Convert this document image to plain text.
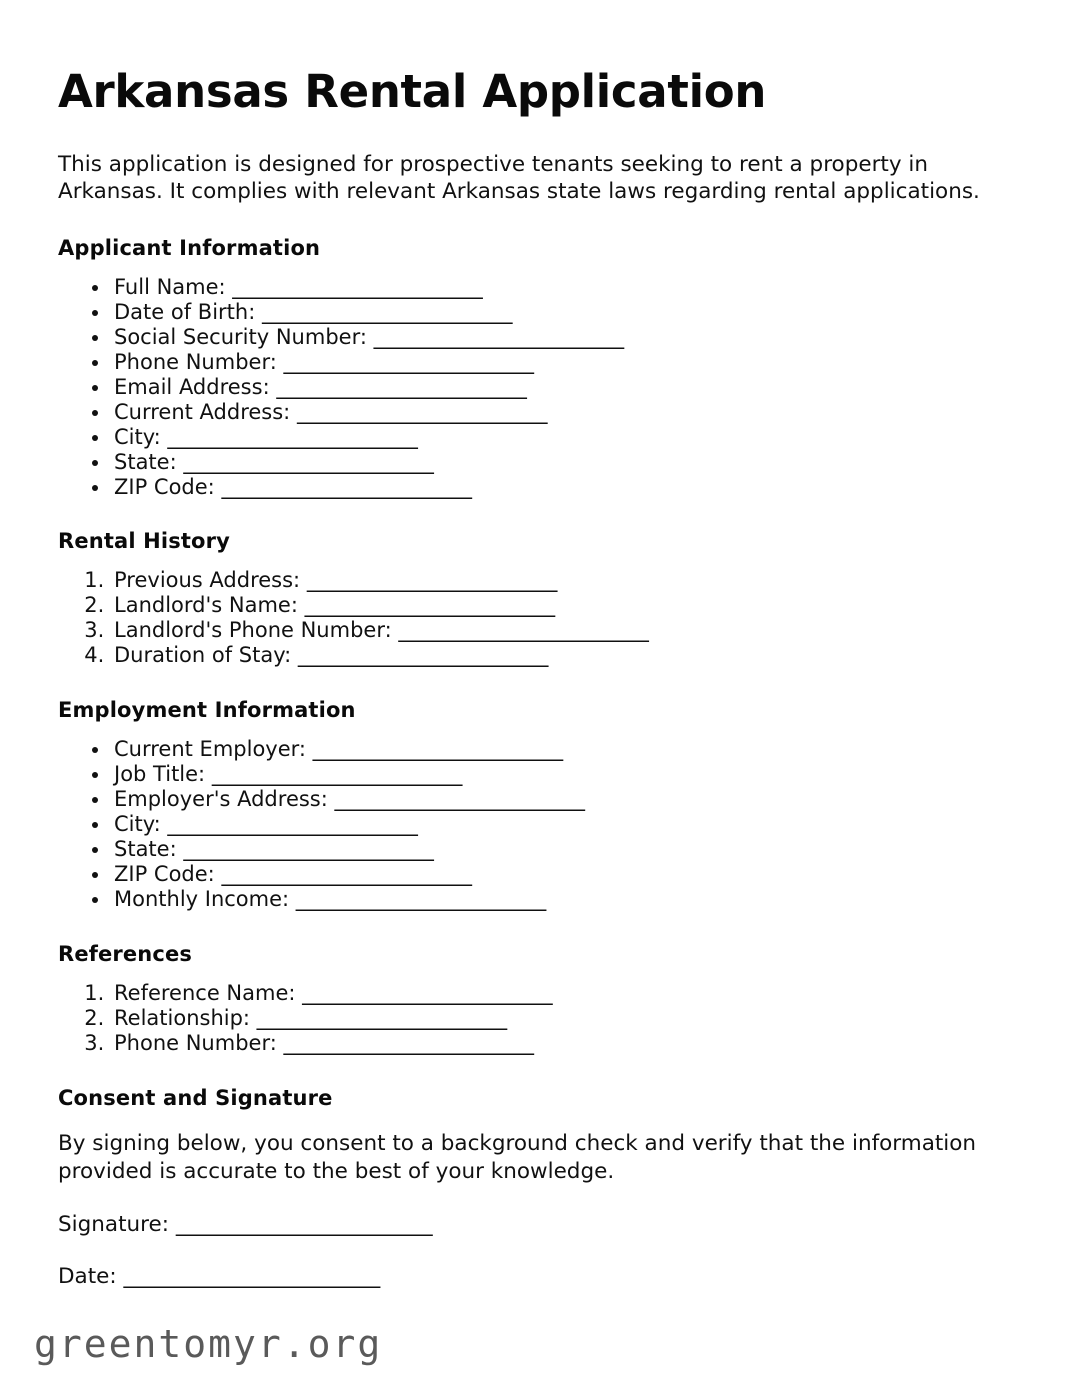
Arkansas Rental Application

This application is designed for prospective tenants seeking to rent a property in Arkansas. It complies with relevant Arkansas state laws regarding rental applications.

Applicant Information
• Full Name: _________________________
• Date of Birth: _________________________
• Social Security Number: _________________________
• Phone Number: _________________________
• Email Address: _________________________
• Current Address: _________________________
• City: _________________________
• State: _________________________
• ZIP Code: _________________________
Rental History
1. Previous Address: _________________________
2. Landlord's Name: _________________________
3. Landlord's Phone Number: _________________________
4. Duration of Stay: _________________________
Employment Information
• Current Employer: _________________________
• Job Title: _________________________
• Employer's Address: _________________________
• City: _________________________
• State: _________________________
• ZIP Code: _________________________
• Monthly Income: _________________________
References
1. Reference Name: _________________________
2. Relationship: _________________________
3. Phone Number: _________________________
Consent and Signature

By signing below, you consent to a background check and verify that the information provided is accurate to the best of your knowledge.

Signature: _________________________

Date: _________________________

greentomyr.org
